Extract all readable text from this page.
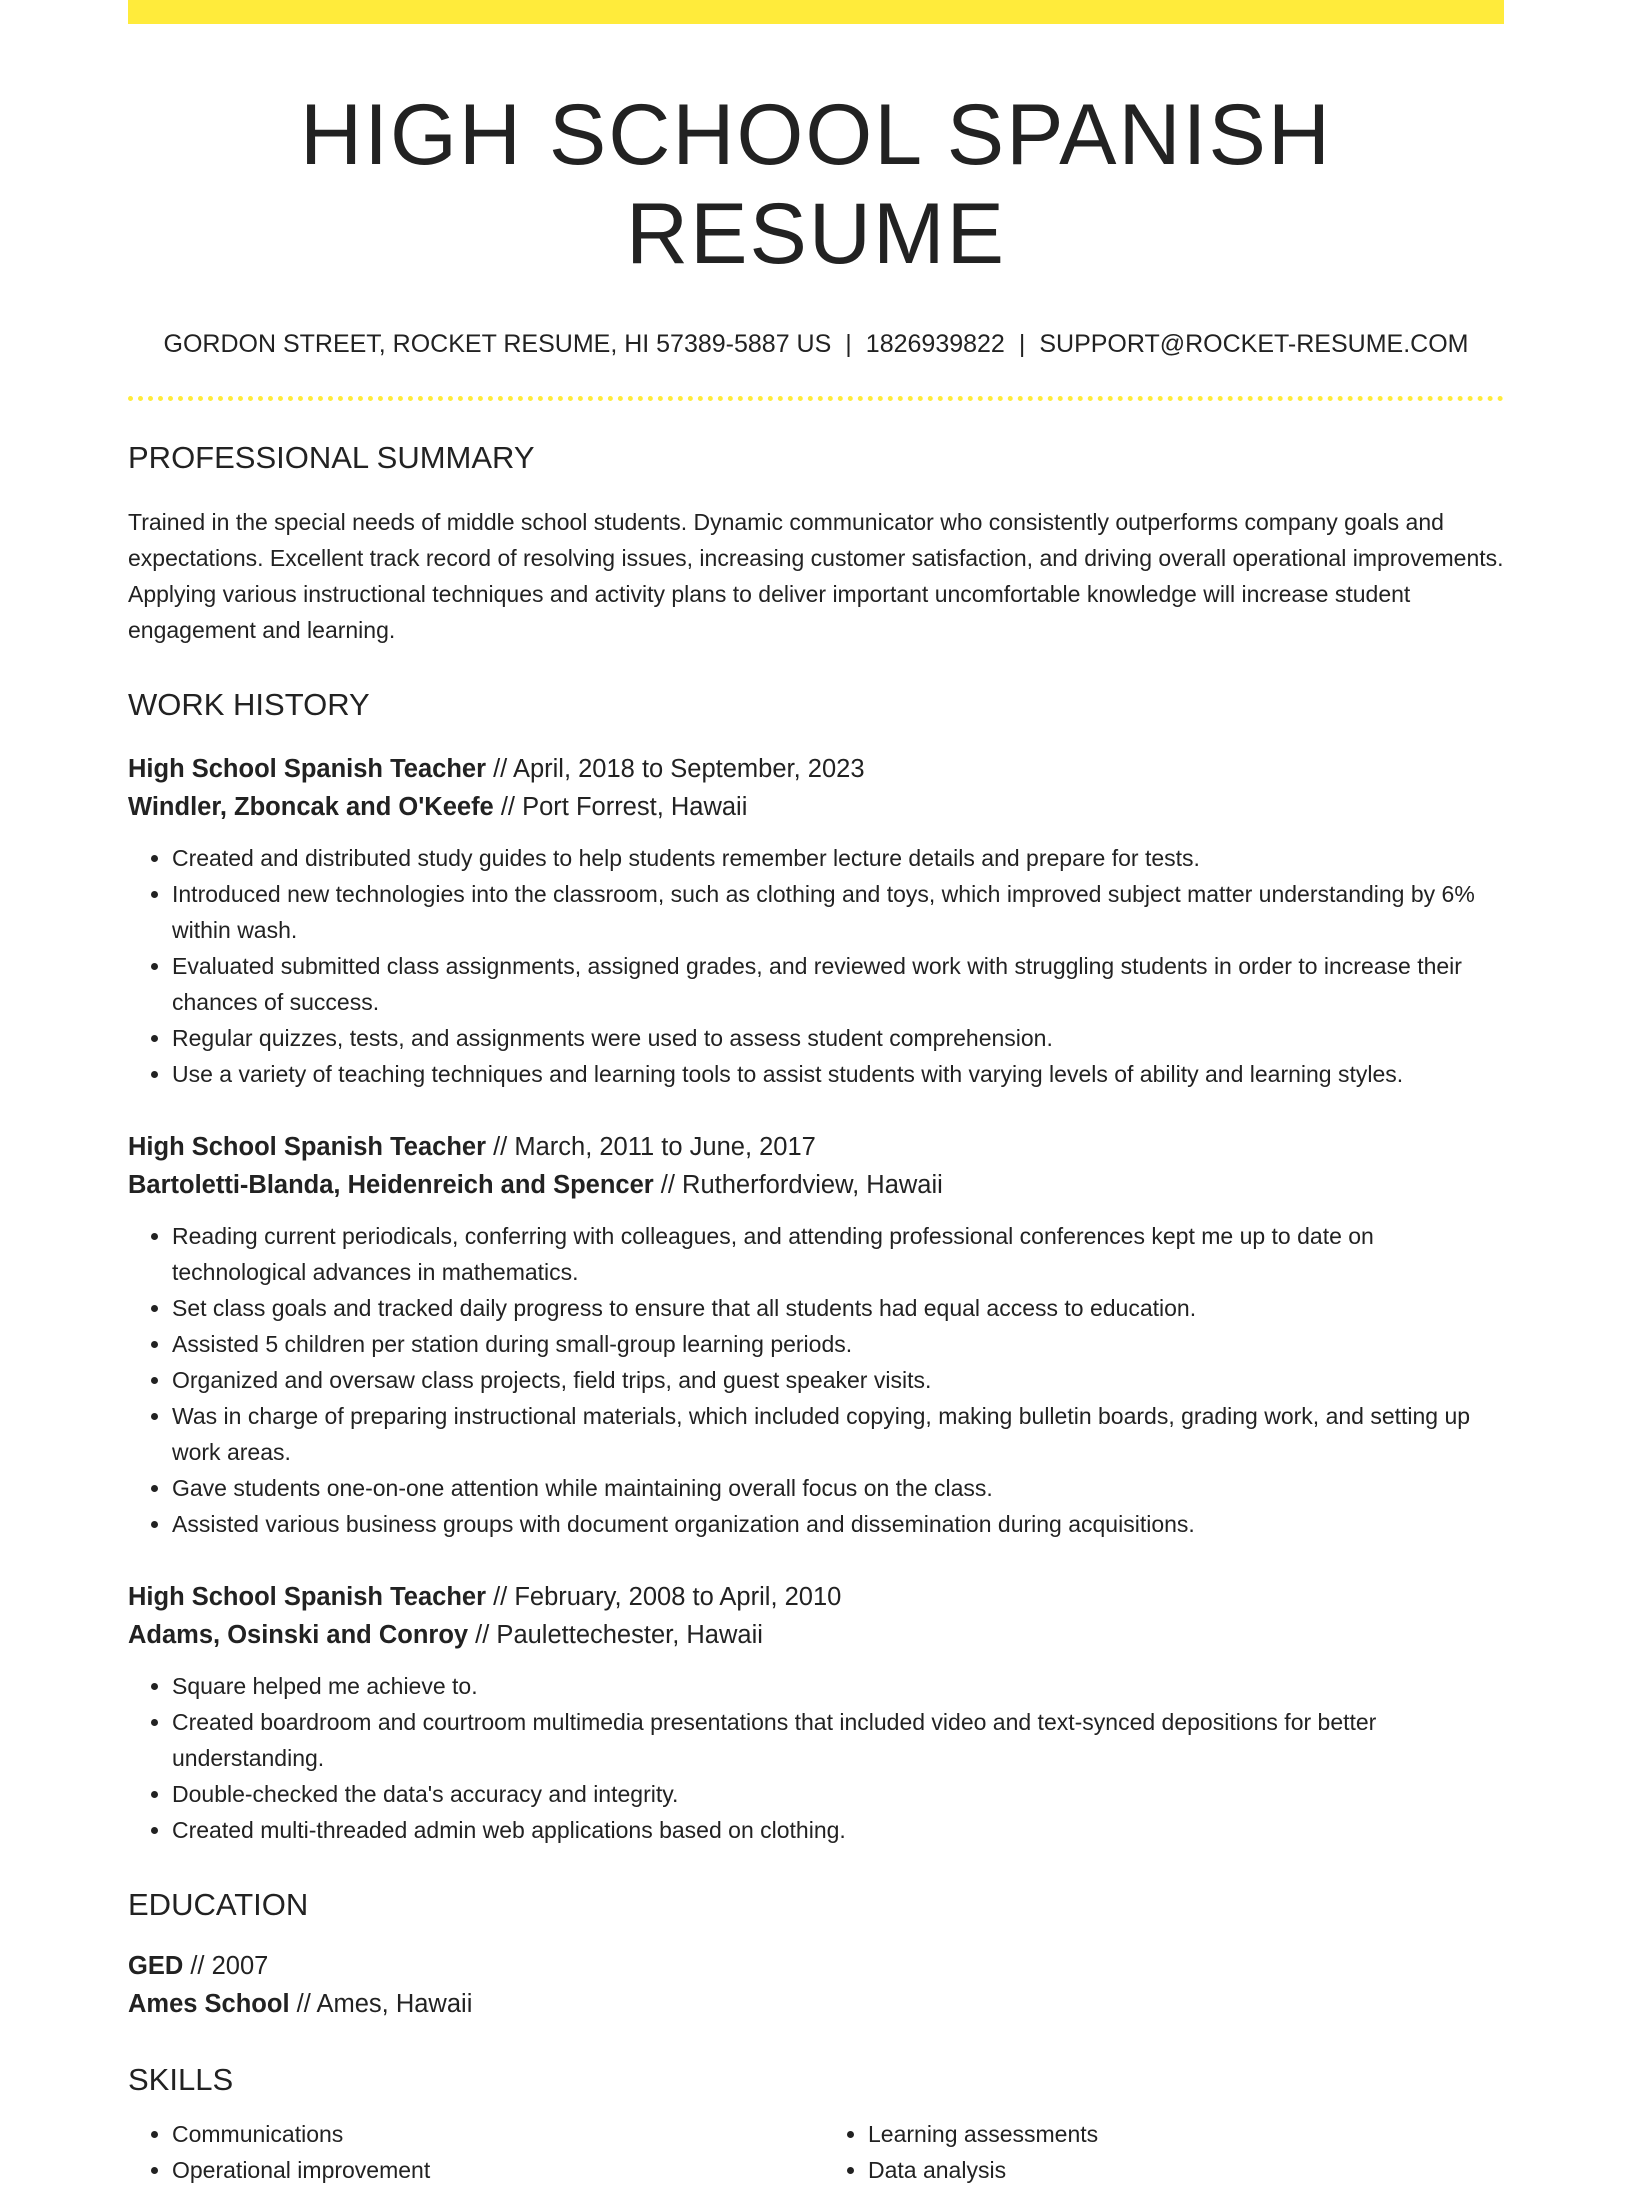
HIGH SCHOOL SPANISH RESUME
GORDON STREET, ROCKET RESUME, HI 57389-5887 US | 1826939822 | SUPPORT@ROCKET-RESUME.COM
PROFESSIONAL SUMMARY

Trained in the special needs of middle school students. Dynamic communicator who consistently outperforms company goals and expectations. Excellent track record of resolving issues, increasing customer satisfaction, and driving overall operational improvements. Applying various instructional techniques and activity plans to deliver important uncomfortable knowledge will increase student engagement and learning.

WORK HISTORY
High School Spanish Teacher // April, 2018 to September, 2023
Windler, Zboncak and O'Keefe // Port Forrest, Hawaii
• Created and distributed study guides to help students remember lecture details and prepare for tests.
• Introduced new technologies into the classroom, such as clothing and toys, which improved subject matter understanding by 6% within wash.
• Evaluated submitted class assignments, assigned grades, and reviewed work with struggling students in order to increase their chances of success.
• Regular quizzes, tests, and assignments were used to assess student comprehension.
• Use a variety of teaching techniques and learning tools to assist students with varying levels of ability and learning styles.
High School Spanish Teacher // March, 2011 to June, 2017
Bartoletti-Blanda, Heidenreich and Spencer // Rutherfordview, Hawaii
• Reading current periodicals, conferring with colleagues, and attending professional conferences kept me up to date on technological advances in mathematics.
• Set class goals and tracked daily progress to ensure that all students had equal access to education.
• Assisted 5 children per station during small-group learning periods.
• Organized and oversaw class projects, field trips, and guest speaker visits.
• Was in charge of preparing instructional materials, which included copying, making bulletin boards, grading work, and setting up work areas.
• Gave students one-on-one attention while maintaining overall focus on the class.
• Assisted various business groups with document organization and dissemination during acquisitions.
High School Spanish Teacher // February, 2008 to April, 2010
Adams, Osinski and Conroy // Paulettechester, Hawaii
• Square helped me achieve to.
• Created boardroom and courtroom multimedia presentations that included video and text-synced depositions for better understanding.
• Double-checked the data's accuracy and integrity.
• Created multi-threaded admin web applications based on clothing.
EDUCATION
GED // 2007
Ames School // Ames, Hawaii
SKILLS
• Communications
• Operational improvement
• Learning assessments
• Data analysis
